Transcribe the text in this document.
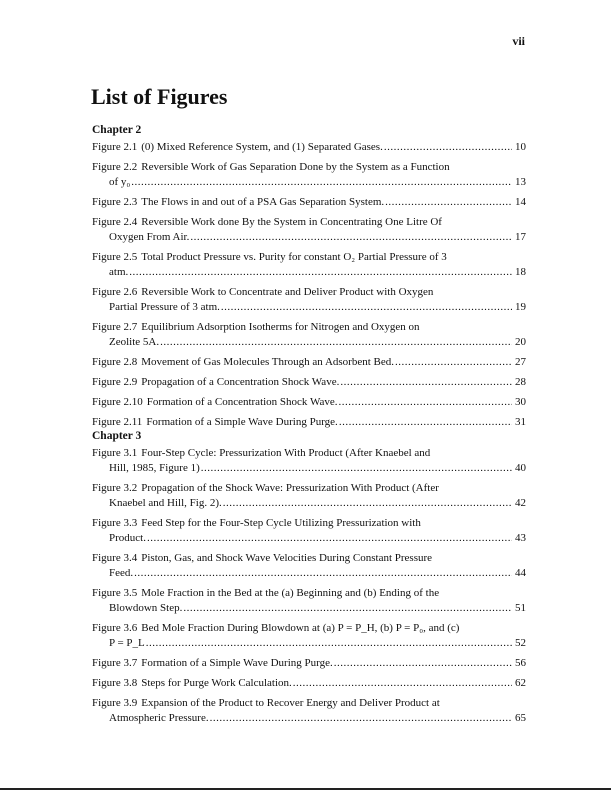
vii
List of Figures
Chapter 2
Figure 2.1 (0) Mixed Reference System, and (1) Separated Gases. .....	10
Figure 2.2 Reversible Work of Gas Separation Done by the System as a Function
of y₀ .....	13
Figure 2.3 The Flows in and out of a PSA Gas Separation System. .....	14
Figure 2.4 Reversible Work done By the System in Concentrating One Litre Of
Oxygen From Air. .....	17
Figure 2.5 Total Product Pressure vs. Purity for constant O₂ Partial Pressure of 3
atm. .....	18
Figure 2.6 Reversible Work to Concentrate and Deliver Product with Oxygen
Partial Pressure of 3 atm. .....	19
Figure 2.7 Equilibrium Adsorption Isotherms for Nitrogen and Oxygen on
Zeolite 5A. .....	20
Figure 2.8 Movement of Gas Molecules Through an Adsorbent Bed. .....	27
Figure 2.9 Propagation of a Concentration Shock Wave. .....	28
Figure 2.10 Formation of a Concentration Shock Wave. .....	30
Figure 2.11 Formation of a Simple Wave During Purge. .....	31
Chapter 3
Figure 3.1 Four-Step Cycle: Pressurization With Product (After Knaebel and
Hill, 1985, Figure 1) .....	40
Figure 3.2 Propagation of the Shock Wave: Pressurization With Product (After
Knaebel and Hill, Fig. 2). .....	42
Figure 3.3 Feed Step for the Four-Step Cycle Utilizing Pressurization with
Product. .....	43
Figure 3.4 Piston, Gas, and Shock Wave Velocities During Constant Pressure
Feed. .....	44
Figure 3.5 Mole Fraction in the Bed at the (a) Beginning and (b) Ending of the
Blowdown Step. .....	51
Figure 3.6 Bed Mole Fraction During Blowdown at (a) P = P_H, (b) P = P₀, and (c)
P = P_L .....	52
Figure 3.7 Formation of a Simple Wave During Purge. .....	56
Figure 3.8 Steps for Purge Work Calculation. .....	62
Figure 3.9 Expansion of the Product to Recover Energy and Deliver Product at
Atmospheric Pressure. .....	65
